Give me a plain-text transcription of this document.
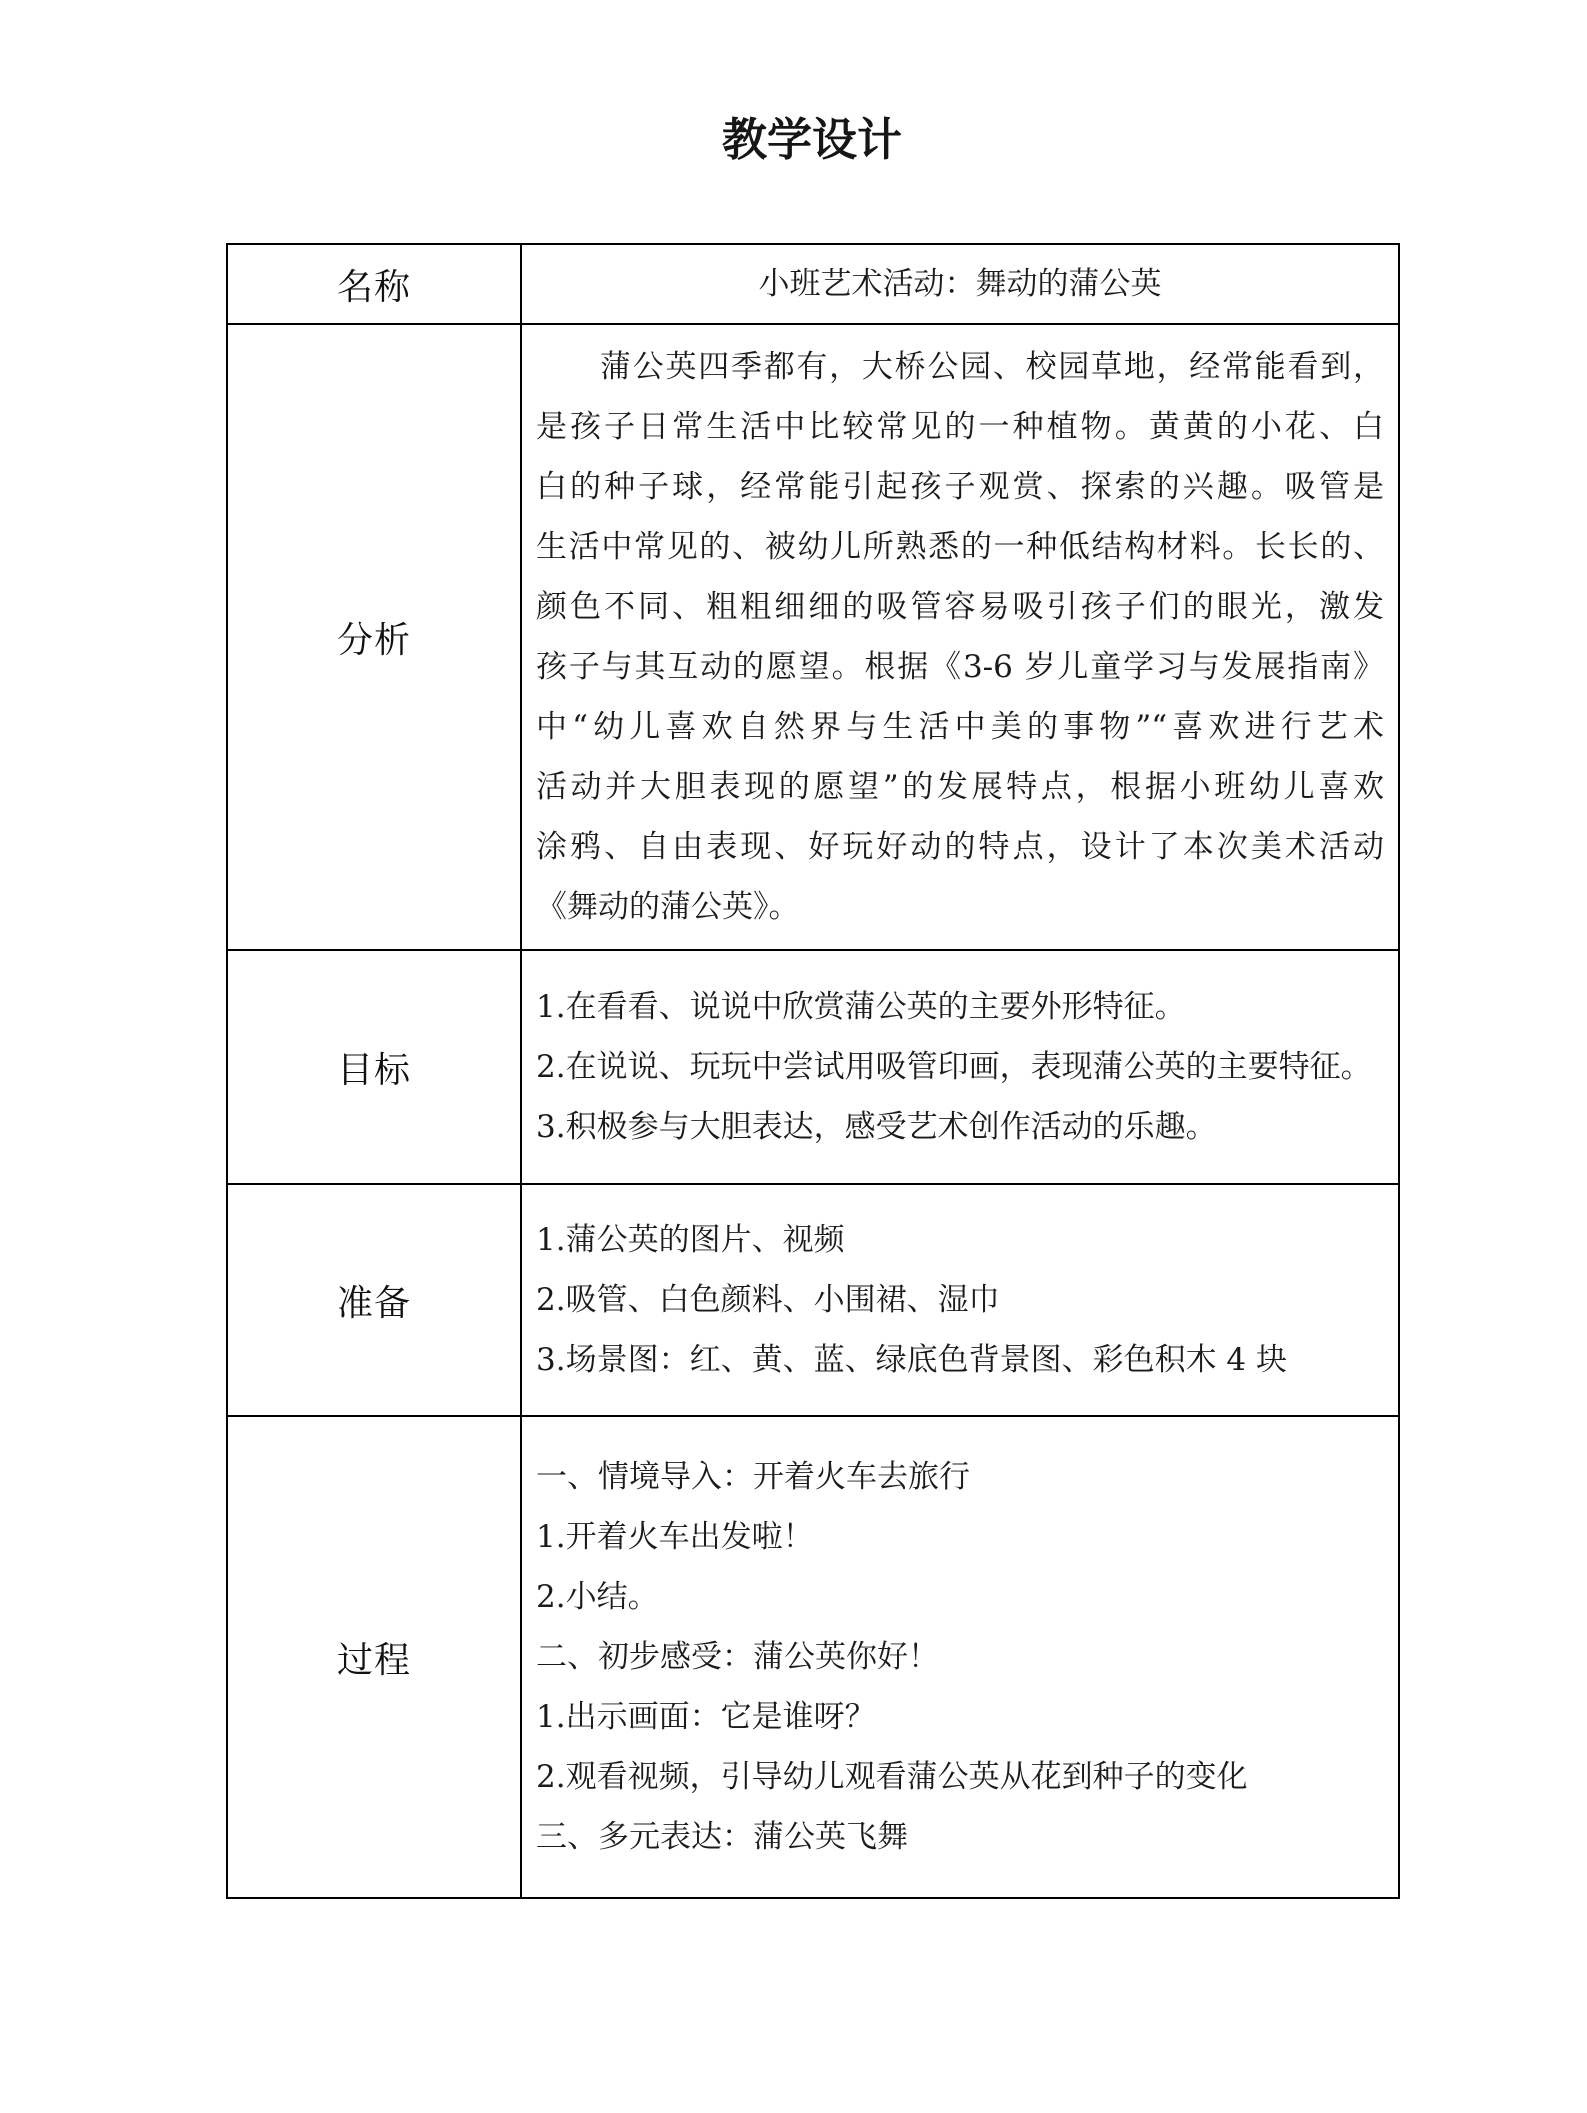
教学设计
名称	小班艺术活动：舞动的蒲公英

分析	
蒲公英四季都有，大桥公园、校园草地，经常能看到，
是孩子日常生活中比较常见的一种植物。黄黄的小花、白
白的种子球，经常能引起孩子观赏、探索的兴趣。吸管是
生活中常见的、被幼儿所熟悉的一种低结构材料。长长的、
颜色不同、粗粗细细的吸管容易吸引孩子们的眼光，激发
孩子与其互动的愿望。根据《3-6 岁儿童学习与发展指南》
中“幼儿喜欢自然界与生活中美的事物”“喜欢进行艺术
活动并大胆表现的愿望”的发展特点，根据小班幼儿喜欢
涂鸦、自由表现、好玩好动的特点，设计了本次美术活动
《舞动的蒲公英》。

目标	1.在看看、说说中欣赏蒲公英的主要外形特征。
2.在说说、玩玩中尝试用吸管印画，表现蒲公英的主要特征。
3.积极参与大胆表达，感受艺术创作活动的乐趣。

准备	1.蒲公英的图片、视频
2.吸管、白色颜料、小围裙、湿巾
3.场景图：红、黄、蓝、绿底色背景图、彩色积木 4 块

过程	
一、情境导入：开着火车去旅行
1.开着火车出发啦！
2.小结。
二、初步感受：蒲公英你好！
1.出示画面：它是谁呀？
2.观看视频，引导幼儿观看蒲公英从花到种子的变化
三、多元表达：蒲公英飞舞
